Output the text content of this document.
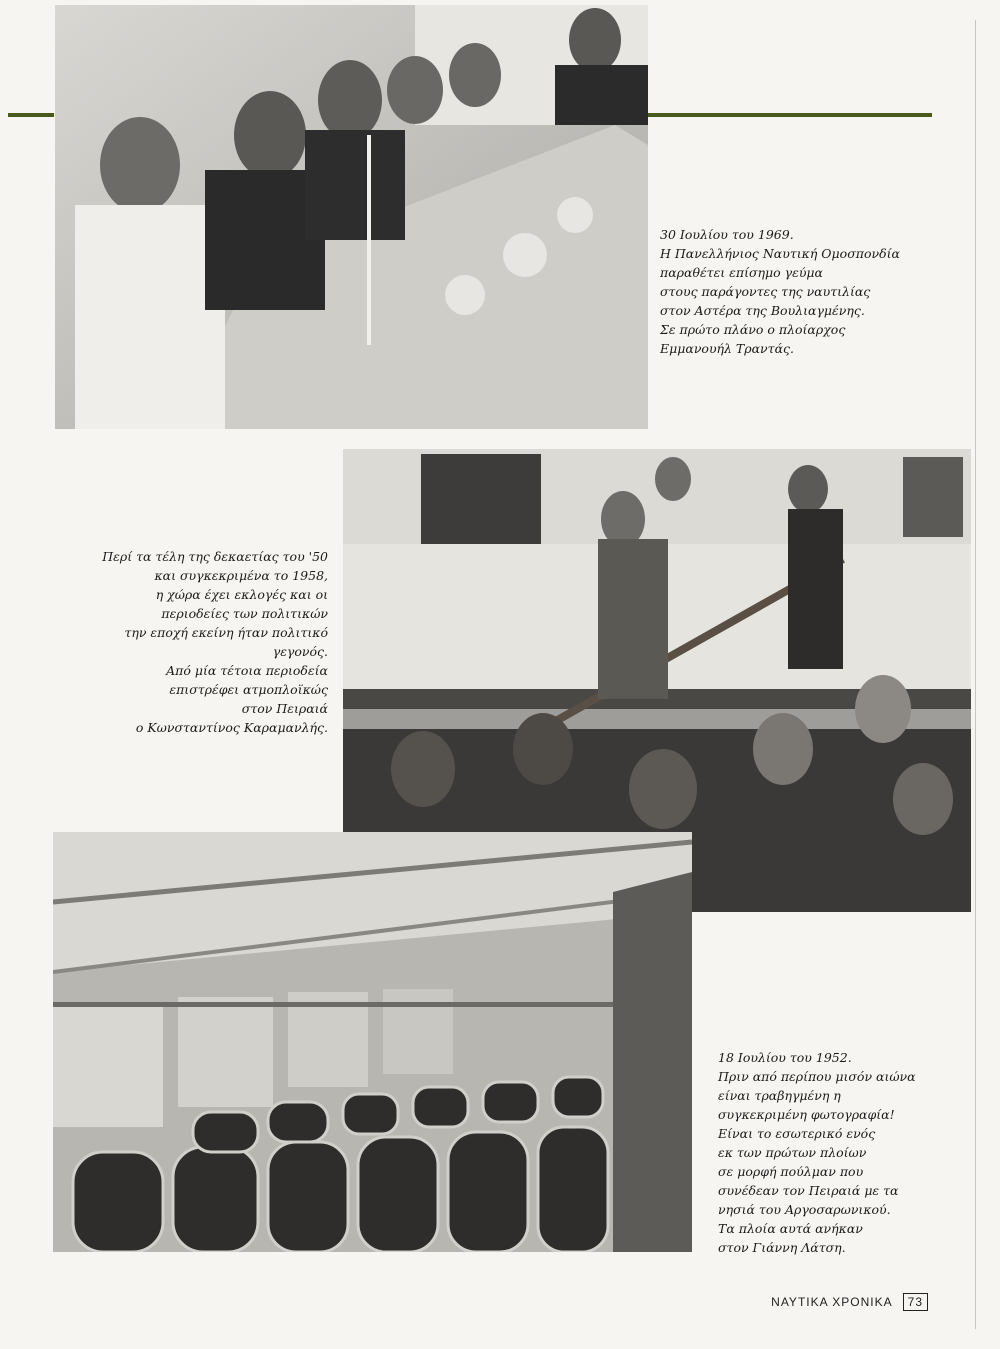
30 Ιουλίου του 1969.

Η Πανελλήνιος Ναυτική Ομοσπονδία

παραθέτει επίσημο γεύμα

στους παράγοντες της ναυτιλίας

στον Αστέρα της Βουλιαγμένης.

Σε πρώτο πλάνο ο πλοίαρχος

Εμμανουήλ Τραντάς.

Περί τα τέλη της δεκαετίας του '50

και συγκεκριμένα το 1958,

η χώρα έχει εκλογές και οι

περιοδείες των πολιτικών

την εποχή εκείνη ήταν πολιτικό

γεγονός.

Από μία τέτοια περιοδεία

επιστρέφει ατμοπλοϊκώς

στον Πειραιά

ο Κωνσταντίνος Καραμανλής.

18 Ιουλίου του 1952.

Πριν από περίπου μισόν αιώνα

είναι τραβηγμένη η

συγκεκριμένη φωτογραφία!

Είναι το εσωτερικό ενός

εκ των πρώτων πλοίων

σε μορφή πούλμαν που

συνέδεαν τον Πειραιά με τα

νησιά του Αργοσαρωνικού.

Τα πλοία αυτά ανήκαν

στον Γιάννη Λάτση.

ΝΑΥΤΙΚΑ ΧΡΟΝΙΚΑ	73
